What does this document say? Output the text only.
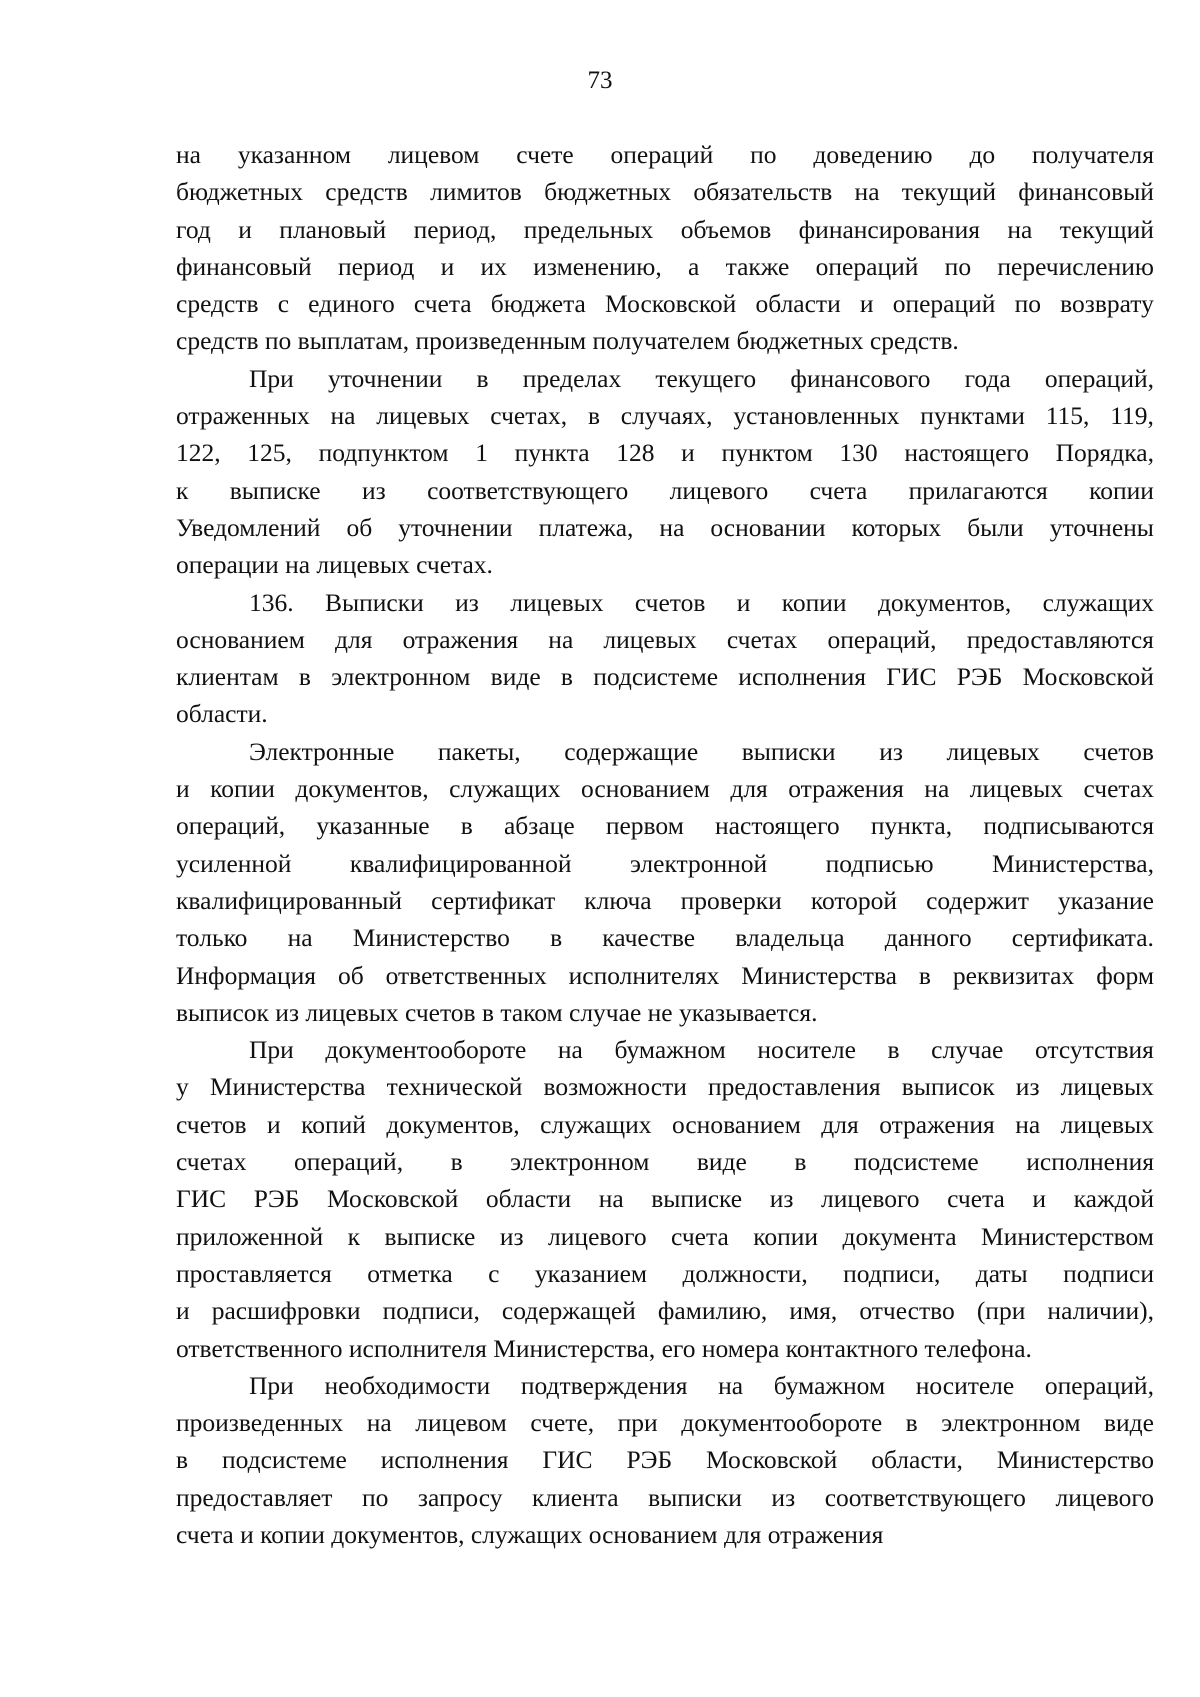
73
на указанном лицевом счете операций по доведению до получателя
бюджетных средств лимитов бюджетных обязательств на текущий финансовый
год и плановый период, предельных объемов финансирования на текущий
финансовый период и их изменению, а также операций по перечислению
средств с единого счета бюджета Московской области и операций по возврату
средств по выплатам, произведенным получателем бюджетных средств.
При уточнении в пределах текущего финансового года операций,
отраженных на лицевых счетах, в случаях, установленных пунктами 115, 119,
122, 125, подпунктом 1 пункта 128 и пунктом 130 настоящего Порядка,
к выписке из соответствующего лицевого счета прилагаются копии
Уведомлений об уточнении платежа, на основании которых были уточнены
операции на лицевых счетах.
136. Выписки из лицевых счетов и копии документов, служащих
основанием для отражения на лицевых счетах операций, предоставляются
клиентам в электронном виде в подсистеме исполнения ГИС РЭБ Московской
области.
Электронные пакеты, содержащие выписки из лицевых счетов
и копии документов, служащих основанием для отражения на лицевых счетах
операций, указанные в абзаце первом настоящего пункта, подписываются
усиленной квалифицированной электронной подписью Министерства,
квалифицированный сертификат ключа проверки которой содержит указание
только на Министерство в качестве владельца данного сертификата.
Информация об ответственных исполнителях Министерства в реквизитах форм
выписок из лицевых счетов в таком случае не указывается.
При документообороте на бумажном носителе в случае отсутствия
у Министерства технической возможности предоставления выписок из лицевых
счетов и копий документов, служащих основанием для отражения на лицевых
счетах операций, в электронном виде в подсистеме исполнения
ГИС РЭБ Московской области на выписке из лицевого счета и каждой
приложенной к выписке из лицевого счета копии документа Министерством
проставляется отметка с указанием должности, подписи, даты подписи
и расшифровки подписи, содержащей фамилию, имя, отчество (при наличии),
ответственного исполнителя Министерства, его номера контактного телефона.
При необходимости подтверждения на бумажном носителе операций,
произведенных на лицевом счете, при документообороте в электронном виде
в подсистеме исполнения ГИС РЭБ Московской области, Министерство
предоставляет по запросу клиента выписки из соответствующего лицевого
счета и копии документов, служащих основанием для отражения
